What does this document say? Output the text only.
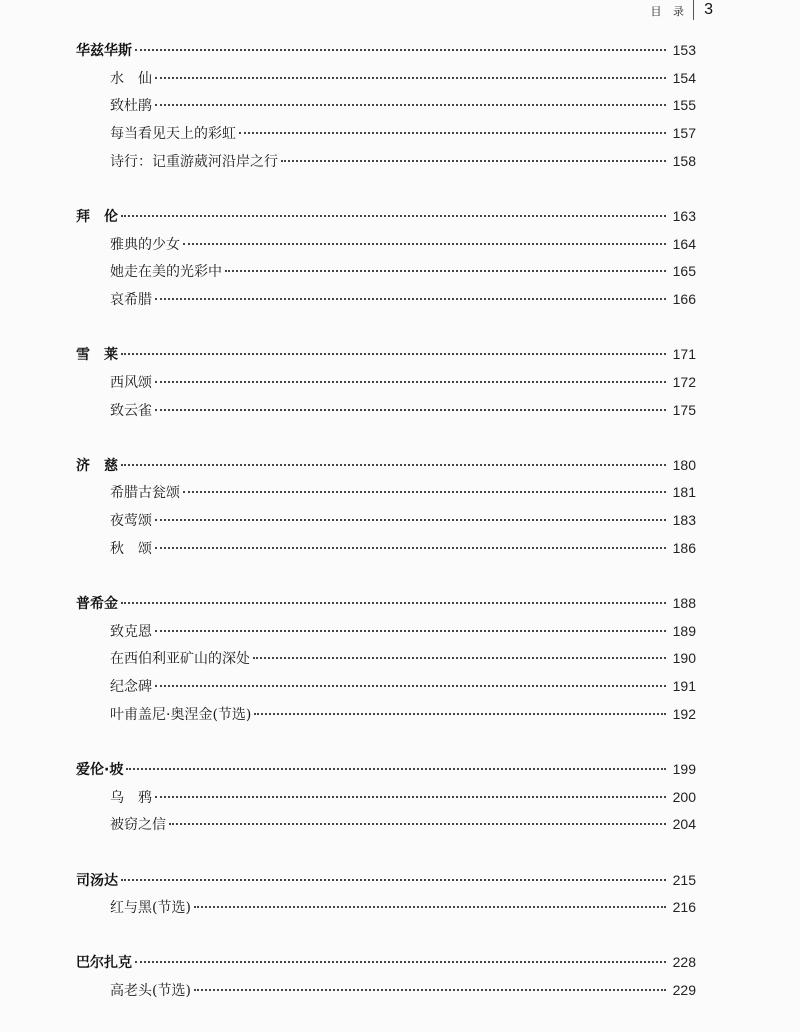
目 录 3
华兹华斯	153
水　仙	154
致杜鹃	155
每当看见天上的彩虹	157
诗行：记重游葳河沿岸之行	158
拜　伦	163
雅典的少女	164
她走在美的光彩中	165
哀希腊	166
雪　莱	171
西风颂	172
致云雀	175
济　慈	180
希腊古瓮颂	181
夜莺颂	183
秋　颂	186
普希金	188
致克恩	189
在西伯利亚矿山的深处	190
纪念碑	191
叶甫盖尼·奥涅金(节选)	192
爱伦·坡	199
乌　鸦	200
被窃之信	204
司汤达	215
红与黑(节选)	216
巴尔扎克	228
高老头(节选)	229
